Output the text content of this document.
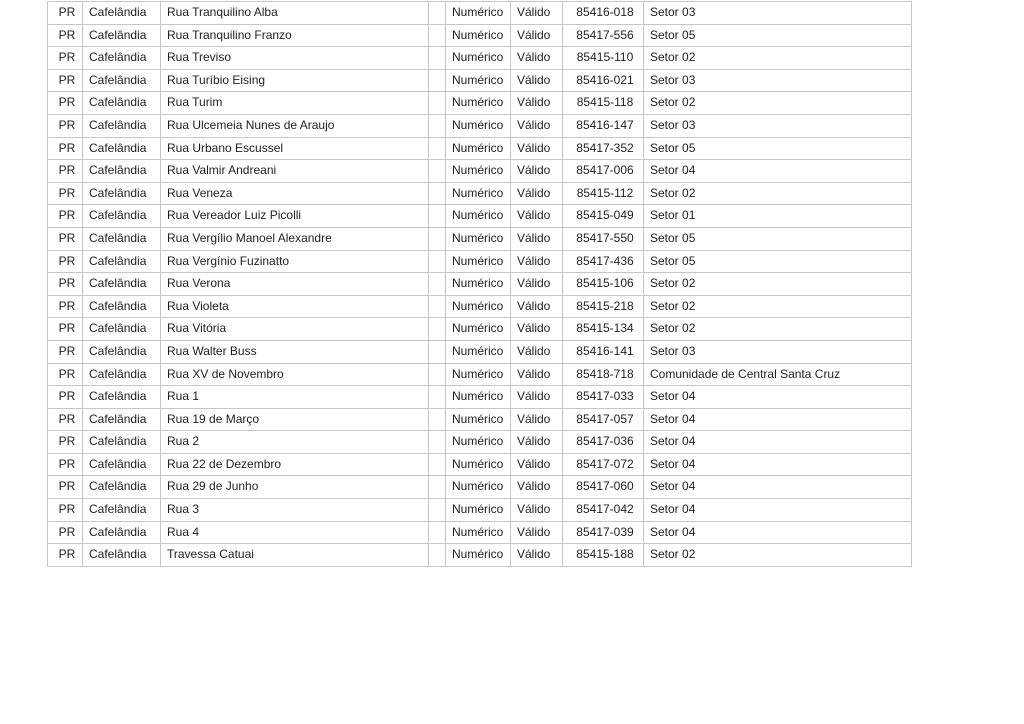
PR	Cafelândia	Rua Tranquilino Alba		Numérico	Válido	85416-018	Setor 03
PR	Cafelândia	Rua Tranquilino Franzo		Numérico	Válido	85417-556	Setor 05
PR	Cafelândia	Rua Treviso		Numérico	Válido	85415-110	Setor 02
PR	Cafelândia	Rua Turíbio Eising		Numérico	Válido	85416-021	Setor 03
PR	Cafelândia	Rua Turim		Numérico	Válido	85415-118	Setor 02
PR	Cafelândia	Rua Ulcemeia Nunes de Araujo		Numérico	Válido	85416-147	Setor 03
PR	Cafelândia	Rua Urbano Escussel		Numérico	Válido	85417-352	Setor 05
PR	Cafelândia	Rua Valmir Andreani		Numérico	Válido	85417-006	Setor 04
PR	Cafelândia	Rua Veneza		Numérico	Válido	85415-112	Setor 02
PR	Cafelândia	Rua Vereador Luiz Picolli		Numérico	Válido	85415-049	Setor 01
PR	Cafelândia	Rua Vergílio Manoel Alexandre		Numérico	Válido	85417-550	Setor 05
PR	Cafelândia	Rua Vergínio Fuzinatto		Numérico	Válido	85417-436	Setor 05
PR	Cafelândia	Rua Verona		Numérico	Válido	85415-106	Setor 02
PR	Cafelândia	Rua Violeta		Numérico	Válido	85415-218	Setor 02
PR	Cafelândia	Rua Vitória		Numérico	Válido	85415-134	Setor 02
PR	Cafelândia	Rua Walter Buss		Numérico	Válido	85416-141	Setor 03
PR	Cafelândia	Rua XV de Novembro		Numérico	Válido	85418-718	Comunidade de Central Santa Cruz
PR	Cafelândia	Rua 1		Numérico	Válido	85417-033	Setor 04
PR	Cafelândia	Rua 19 de Março		Numérico	Válido	85417-057	Setor 04
PR	Cafelândia	Rua 2		Numérico	Válido	85417-036	Setor 04
PR	Cafelândia	Rua 22 de Dezembro		Numérico	Válido	85417-072	Setor 04
PR	Cafelândia	Rua 29 de Junho		Numérico	Válido	85417-060	Setor 04
PR	Cafelândia	Rua 3		Numérico	Válido	85417-042	Setor 04
PR	Cafelândia	Rua 4		Numérico	Válido	85417-039	Setor 04
PR	Cafelândia	Travessa Catuai		Numérico	Válido	85415-188	Setor 02
